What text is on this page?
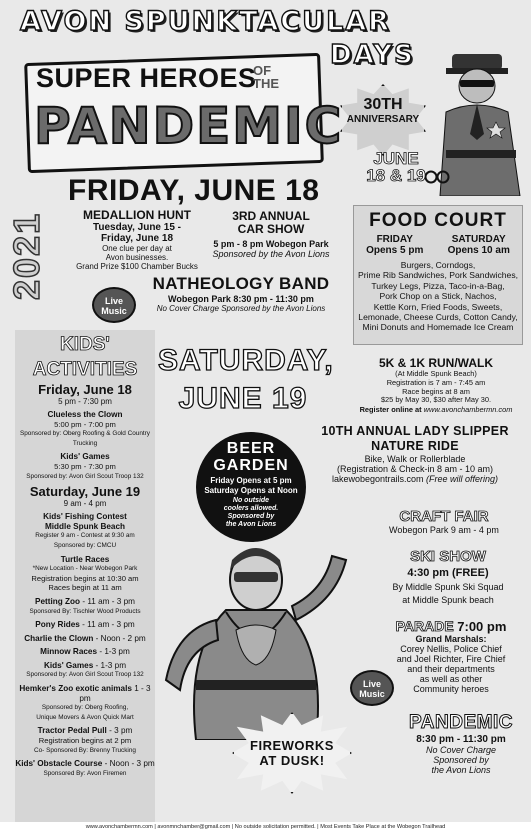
AVON SPUNKTACULAR
DAYS
SUPER HEROES
OF
THE
PANDEMIC	30TH
ANNIVERSARY
JUNE
18 & 19
2021
FRIDAY, JUNE 18
MEDALLION HUNT
Tuesday, June 15 -
Friday, June 18
One clue per day at
Avon businesses.
Grand Prize $100 Chamber Bucks
3RD ANNUAL
CAR SHOW
5 pm - 8 pm Wobegon Park
Sponsored by the Avon Lions
FOOD COURT
FRIDAY
Opens 5 pm
SATURDAY
Opens 10 am
Burgers, Corndogs,
Prime Rib Sandwiches, Pork Sandwiches,
Turkey Legs, Pizza, Taco-in-a-Bag,
Pork Chop on a Stick, Nachos,
Kettle Korn, Fried Foods, Sweets,
Lemonade, Cheese Curds, Cotton Candy,
Mini Donuts and Homemade Ice Cream
Live
Music
NATHEOLOGY BAND
Wobegon Park 8:30 pm - 11:30 pm
No Cover Charge Sponsored by the Avon Lions
KIDS'
ACTIVITIES
Friday, June 18
5 pm - 7:30 pm
Clueless the Clown
5:00 pm - 7:00 pm
Sponsored by: Oberg Roofing & Gold Country Trucking
Kids' Games
5:30 pm - 7:30 pm
Sponsored by: Avon Girl Scout Troop 132
Saturday, June 19
9 am - 4 pm
Kids' Fishing Contest
Middle Spunk Beach
Register 9 am - Contest at 9:30 am
Sponsored by: CMCU
Turtle Races
*New Location - Near Wobegon Park
Registration begins at 10:30 am
Races begin at 11 am
Petting Zoo - 11 am - 3 pm
Sponsored By: Tischler Wood Products
Pony Rides - 11 am - 3 pm
Charlie the Clown - Noon - 2 pm
Minnow Races - 1-3 pm
Kids' Games - 1-3 pm
Sponsored by: Avon Girl Scout Troop 132
Hemker's Zoo exotic animals 1 - 3 pm
Sponsored by: Oberg Roofing,
Unique Movers & Avon Quick Mart
Tractor Pedal Pull - 3 pm
Registration begins at 2 pm
Co- Sponsored By: Brenny Trucking
Kids' Obstacle Course - Noon - 3 pm
Sponsored By: Avon Firemen
SATURDAY,
JUNE 19
5K & 1K RUN/WALK
(At Middle Spunk Beach)
Registration is 7 am - 7:45 am
Race begins at 8 am
$25 by May 30, $30 after May 30.
Register online at www.avonchambermn.com
10TH ANNUAL LADY SLIPPER
NATURE RIDE
Bike, Walk or Rollerblade
(Registration & Check-in 8 am - 10 am)
lakewobegontrails.com (Free will offering)
BEER
GARDEN
Friday Opens at 5 pm
Saturday Opens at Noon
No outside
coolers allowed.
Sponsored by
the Avon Lions	CRAFT FAIR
Wobegon Park 9 am - 4 pm
SKI SHOW
4:30 pm (FREE)
By Middle Spunk Ski Squad
at Middle Spunk beach
PARADE 7:00 pm
Grand Marshals:
Corey Nellis, Police Chief
and Joel Richter, Fire Chief
and their departments
as well as other
Community heroes
Live
Music
PANDEMIC
8:30 pm - 11:30 pm
No Cover Charge
Sponsored by
the Avon Lions
FIREWORKS
AT DUSK!
www.avonchambermn.com | avonmnchamber@gmail.com | No outside solicitation permitted. | Most Events Take Place at the Wobegon Trailhead
